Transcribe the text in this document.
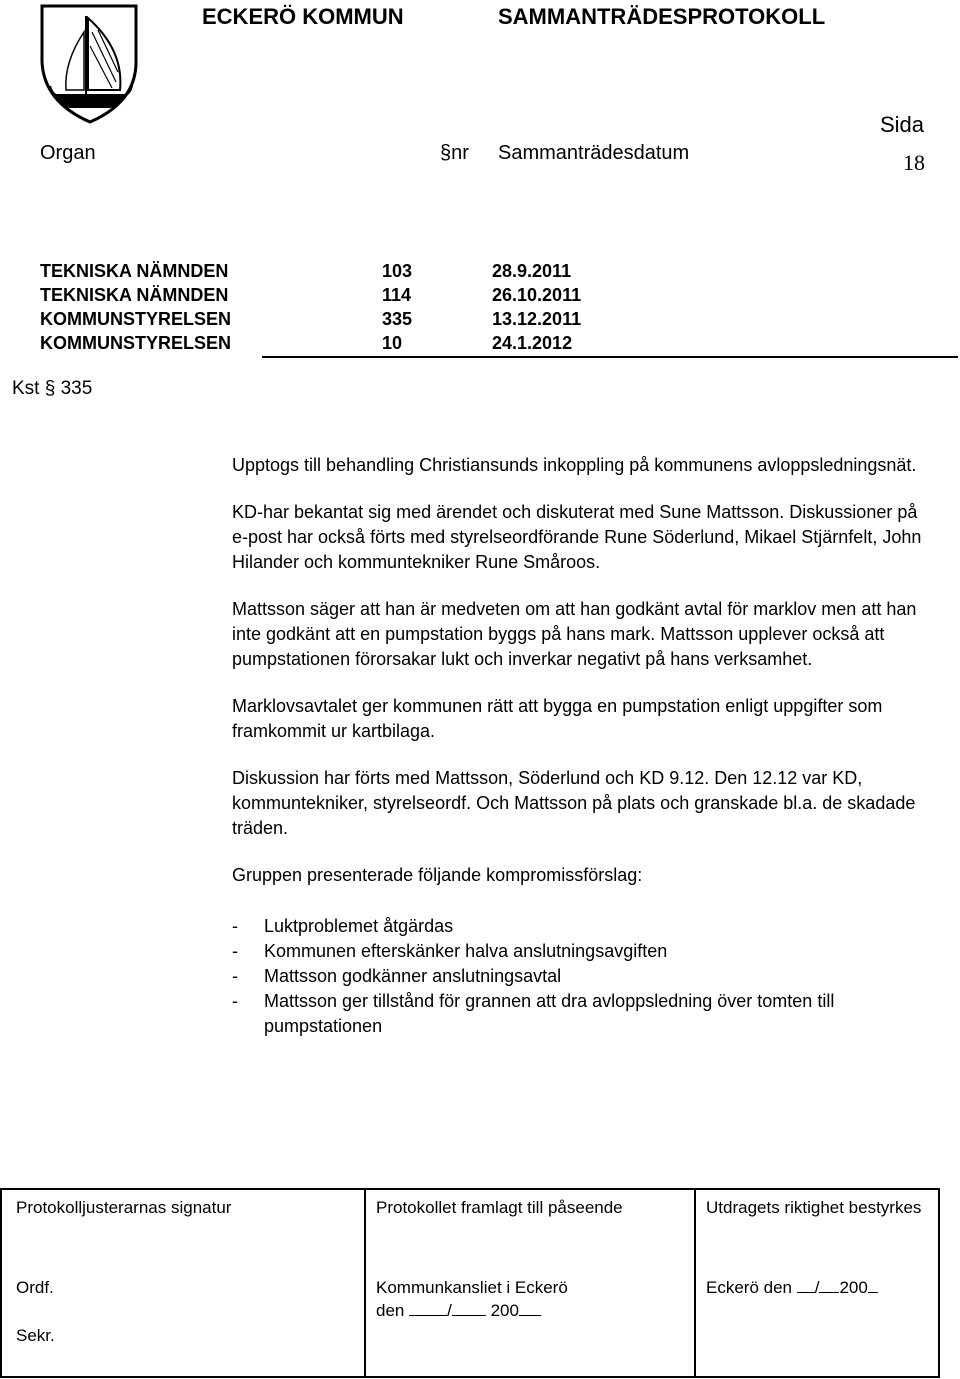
ECKERÖ KOMMUN	SAMMANTRÄDESPROTOKOLL
Sida
18
Organ	§nr Sammanträdesdatum
TEKNISKA NÄMNDEN	103	28.9.2011
TEKNISKA NÄMNDEN	114	26.10.2011
KOMMUNSTYRELSEN	335	13.12.2011
KOMMUNSTYRELSEN	10	24.1.2012
Kst § 335

Upptogs till behandling Christiansunds inkoppling på kommunens avloppsledningsnät.

KD-har bekantat sig med ärendet och diskuterat med Sune Mattsson. Diskussioner på e-post har också förts med styrelseordförande Rune Söderlund, Mikael Stjärnfelt, John Hilander och kommuntekniker Rune Småroos.

Mattsson säger att han är medveten om att han godkänt avtal för marklov men att han inte godkänt att en pumpstation byggs på hans mark. Mattsson upplever också att pumpstationen förorsakar lukt och inverkar negativt på hans verksamhet.

Marklovsavtalet ger kommunen rätt att bygga en pumpstation enligt uppgifter som framkommit ur kartbilaga.

Diskussion har förts med Mattsson, Söderlund och KD 9.12. Den 12.12 var KD, kommuntekniker, styrelseordf. Och Mattsson på plats och granskade bl.a. de skadade träden.

Gruppen presenterade följande kompromissförslag:

- Luktproblemet åtgärdas
- Kommunen efterskänker halva anslutningsavgiften
- Mattsson godkänner anslutningsavtal
- Mattsson ger tillstånd för grannen att dra avloppsledning över tomten till pumpstationen
Protokolljusterarnas signatur
Ordf.
Sekr.
Protokollet framlagt till påseende
Kommunkansliet i Eckerö
den	/ 200
Utdragets riktighet bestyrkes
Eckerö den / 200
